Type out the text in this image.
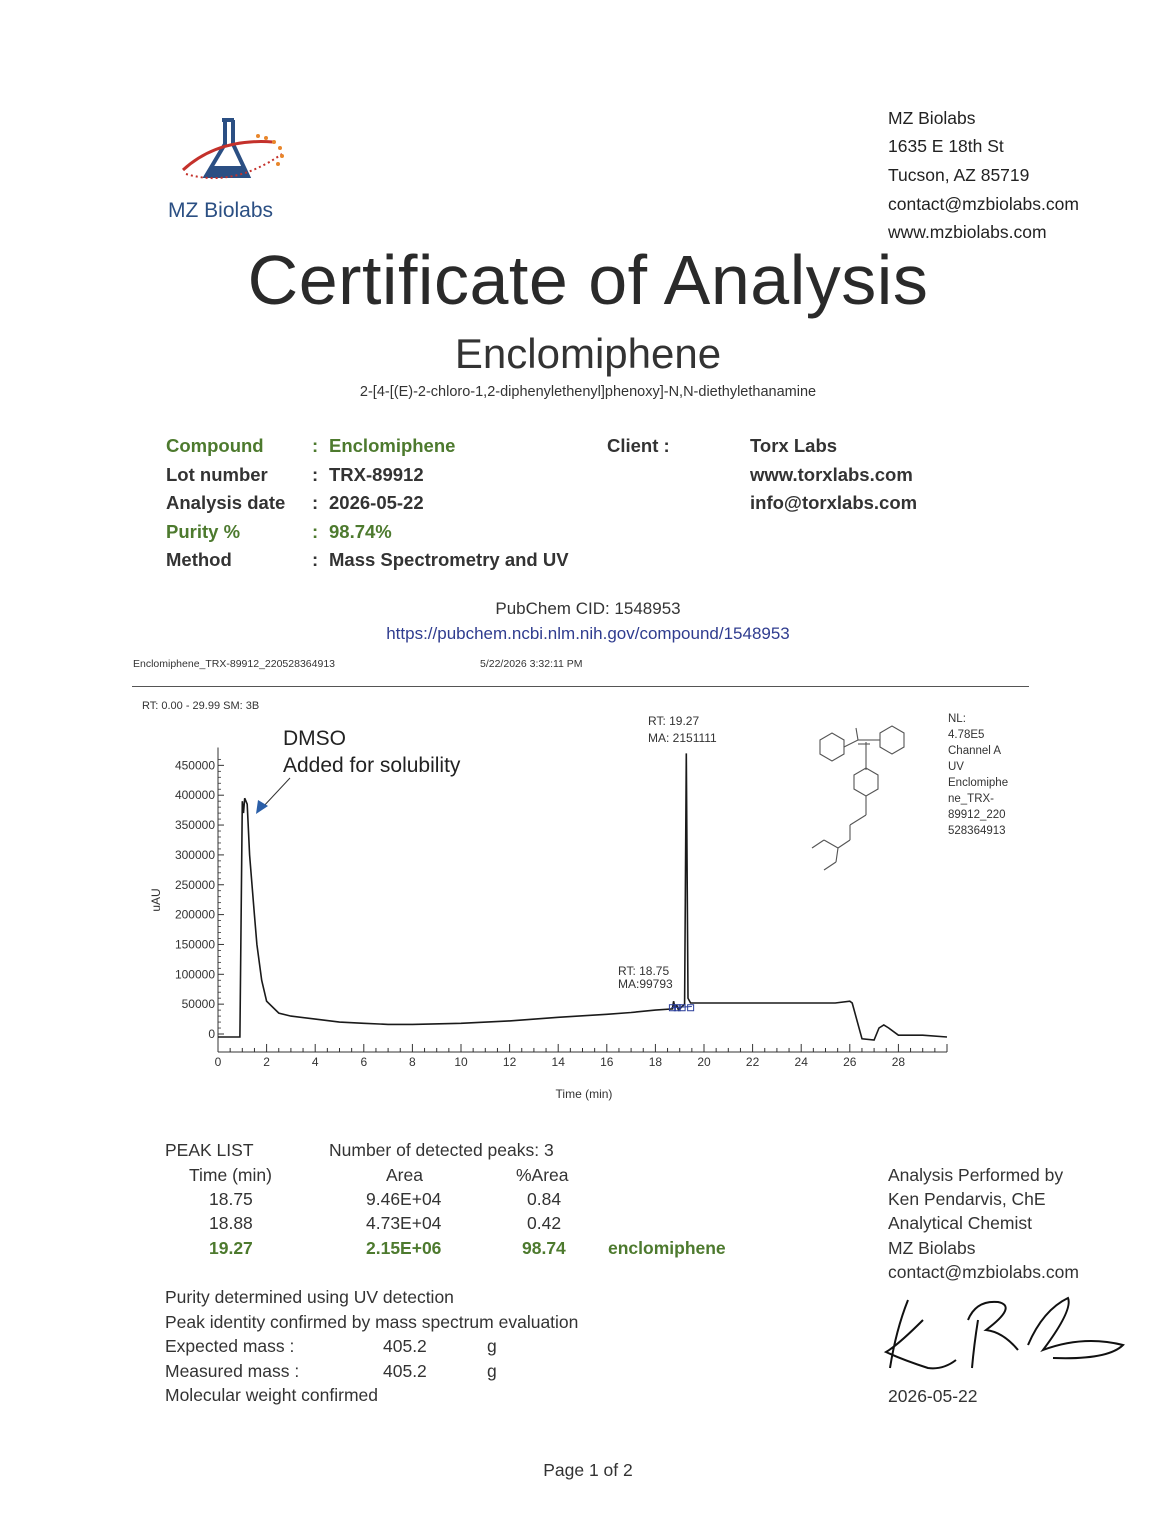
MZ Biolabs
MZ Biolabs
1635 E 18th St
Tucson, AZ 85719
contact@mzbiolabs.com
www.mzbiolabs.com
Certificate of Analysis
Enclomiphene
2-[4-[(E)-2-chloro-1,2-diphenylethenyl]phenoxy]-N,N-diethylethanamine
Compound	: Enclomiphene
Lot number : TRX-89912
Analysis date : 2026-05-22
Purity %	: 98.74%
Method	: Mass Spectrometry and UV
Client :	Torx Labs
www.torxlabs.com
info@torxlabs.com
PubChem CID: 1548953
https://pubchem.ncbi.nlm.nih.gov/compound/1548953
Enclomiphene_TRX-89912_220528364913	5/22/2026 3:32:11 PM
RT: 0.00 - 29.99 SM: 3B
0	2	4	6	8	10	12	14	16	18	20	22	24	26	28
0
50000
100000
150000
200000
250000
300000
350000
400000
450000
DMSO
Added for solubility
RT: 19.27
MA: 2151111
RT: 18.75
MA:99793
Time (min)
uAU
NL:
4.78E5
Channel A
UV
Enclomiphe
ne_TRX-
89912_220
528364913
PEAK LIST	Number of detected peaks: 3
Time (min)	Area	%Area
18.75	9.46E+04	0.84
18.88	4.73E+04	0.42
19.27	2.15E+06	98.74 enclomiphene
Purity determined using UV detection
Peak identity confirmed by mass spectrum evaluation
Expected mass :	405.2	g
Measured mass :	405.2	g
Molecular weight confirmed
Analysis Performed by
Ken Pendarvis, ChE
Analytical Chemist
MZ Biolabs
contact@mzbiolabs.com
2026-05-22
Page 1 of 2
